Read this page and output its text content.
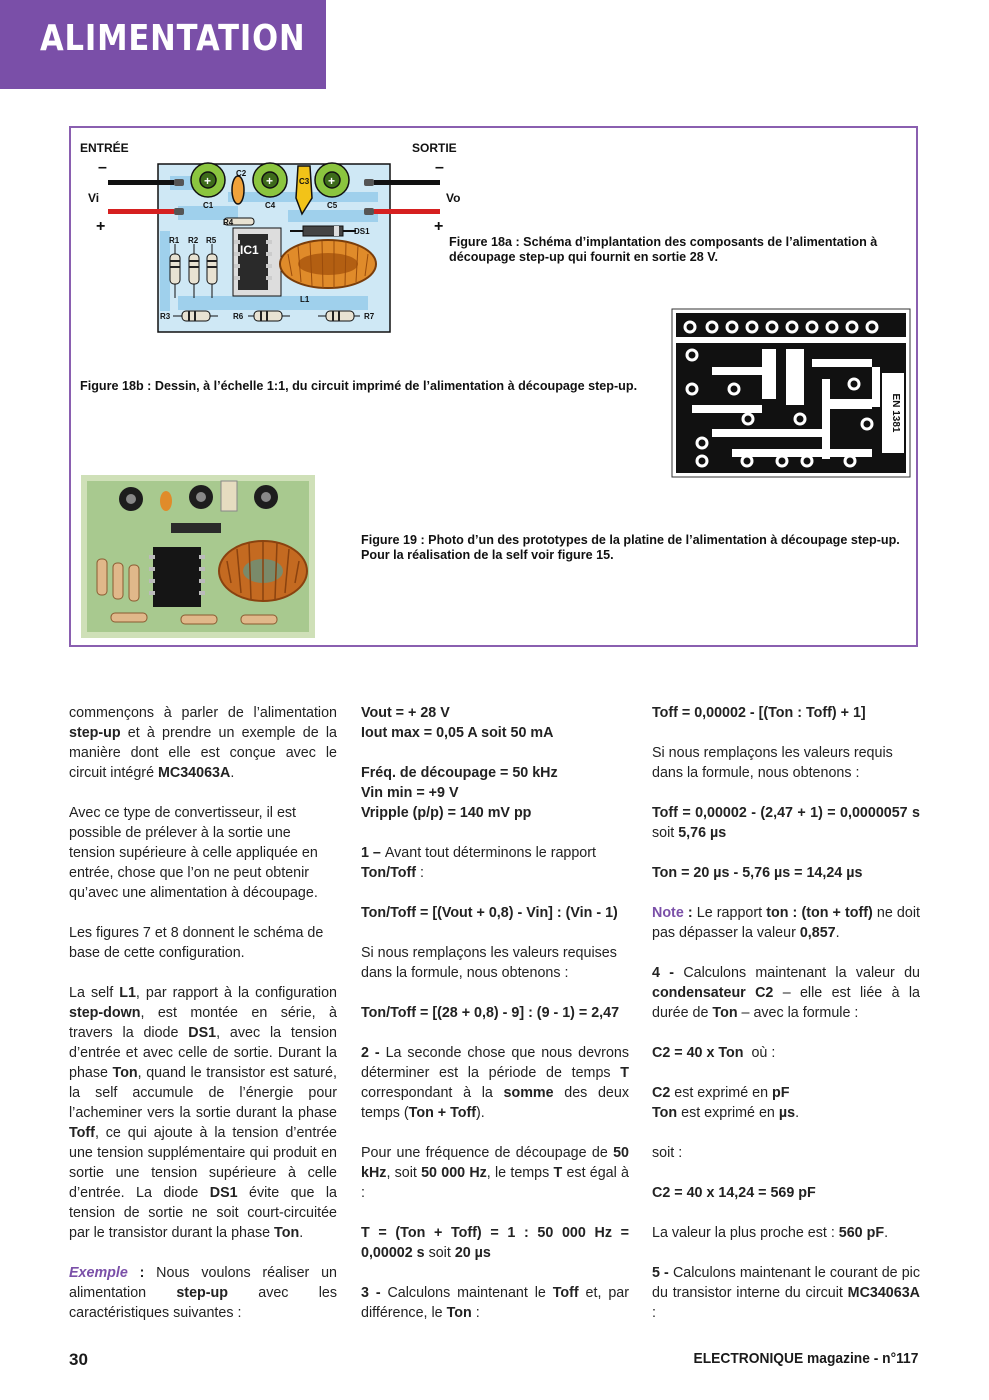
ALIMENTATION
+	+	+
ENTRÉE	SORTIE
–	–
Vi	Vo
+	+
C1
C2
C3
C4	C5
R4
R1 R2 R5
R3	R6	R7
IC1
DS1
L1
Figure 18a : Schéma d’implantation des composants de l’alimentation à découpage step-up qui fournit en sortie 28 V.
EN 1381
Figure 18b : Dessin, à l’échelle 1:1, du circuit imprimé de l’alimentation à découpage step-up.
Figure 19 : Photo d’un des prototypes de la platine de l’alimentation à découpage step-up. Pour la réalisation de la self voir figure 15.

commençons à parler de l’alimentation step-up et à prendre un exemple de la manière dont elle est conçue avec le circuit intégré MC34063A.

Avec ce type de convertisseur, il est possible de prélever à la sortie une tension supérieure à celle appliquée en entrée, chose que l’on ne peut obtenir qu’avec une alimentation à découpage.

Les figures 7 et 8 donnent le schéma de base de cette configuration.

La self L1, par rapport à la configuration step-down, est montée en série, à travers la diode DS1, avec la tension d’entrée et avec celle de sortie. Durant la phase Ton, quand le transistor est saturé, la self accumule de l’énergie pour l’acheminer vers la sortie durant la phase Toff, ce qui ajoute à la tension d’entrée une tension supplémentaire qui produit en sortie une tension supérieure à celle d’entrée. La diode DS1 évite que la tension de sortie ne soit court-circuitée par le transistor durant la phase Ton.

Exemple : Nous voulons réaliser un alimentation step-up avec les caractéristiques suivantes :

Vout = + 28 V
Iout max = 0,05 A soit 50 mA

Fréq. de découpage = 50 kHz
Vin min = +9 V
Vripple (p/p) = 140 mV pp

1 – Avant tout déterminons le rapport Ton/Toff :

Ton/Toff = [(Vout + 0,8) - Vin] : (Vin - 1)

Si nous remplaçons les valeurs requises dans la formule, nous obtenons :

Ton/Toff = [(28 + 0,8) - 9] : (9 - 1) = 2,47

2 - La seconde chose que nous devrons déterminer est la période de temps T correspondant à la somme des deux temps (Ton + Toff).

Pour une fréquence de découpage de 50 kHz, soit 50 000 Hz, le temps T est égal à :

T = (Ton + Toff) = 1 : 50 000 Hz = 0,00002 s soit 20 µs

3 - Calculons maintenant le Toff et, par différence, le Ton :

Toff = 0,00002 - [(Ton : Toff) + 1]

Si nous remplaçons les valeurs requis dans la formule, nous obtenons :

Toff = 0,00002 - (2,47 + 1) = 0,0000057 s soit 5,76 µs

Ton = 20 µs - 5,76 µs = 14,24 µs

Note : Le rapport ton : (ton + toff) ne doit pas dépasser la valeur 0,857.

4 - Calculons maintenant la valeur du condensateur C2 – elle est liée à la durée de Ton – avec la formule :

C2 = 40 x Ton  où :

C2 est exprimé en pF
Ton est exprimé en µs.

soit :

C2 = 40 x 14,24 = 569 pF

La valeur la plus proche est : 560 pF.

5 - Calculons maintenant le courant de pic du transistor interne du circuit MC34063A :

30	ELECTRONIQUE magazine - n°117
